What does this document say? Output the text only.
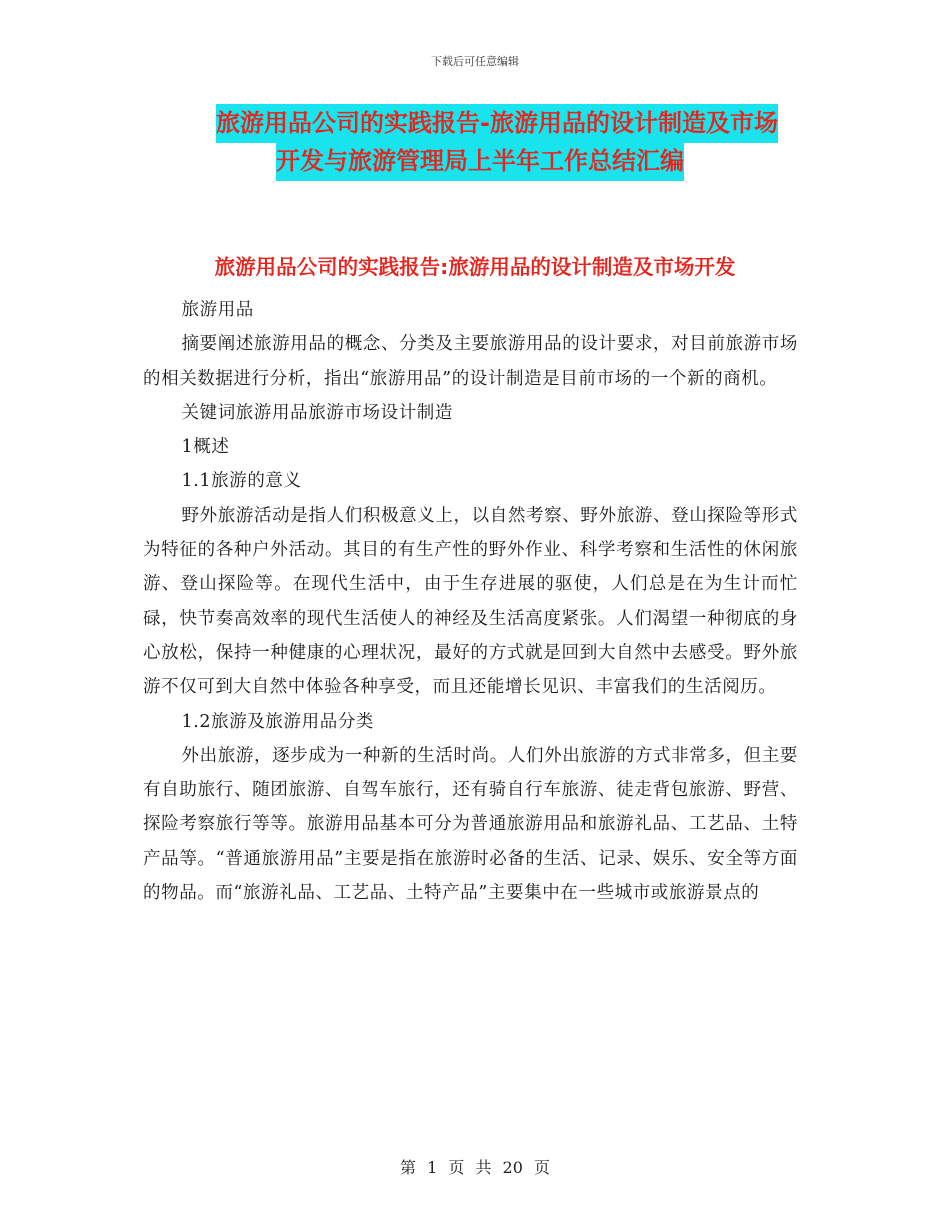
下载后可任意编辑
旅游用品公司的实践报告-旅游用品的设计制造及市场
开发与旅游管理局上半年工作总结汇编
旅游用品公司的实践报告:旅游用品的设计制造及市场开发

旅游用品

摘要阐述旅游用品的概念、分类及主要旅游用品的设计要求，对目前旅游市场的相关数据进行分析，指出“旅游用品”的设计制造是目前市场的一个新的商机。

关键词旅游用品旅游市场设计制造

1概述

1.1旅游的意义

野外旅游活动是指人们积极意义上，以自然考察、野外旅游、登山探险等形式为特征的各种户外活动。其目的有生产性的野外作业、科学考察和生活性的休闲旅游、登山探险等。在现代生活中，由于生存进展的驱使，人们总是在为生计而忙碌，快节奏高效率的现代生活使人的神经及生活高度紧张。人们渴望一种彻底的身心放松，保持一种健康的心理状况，最好的方式就是回到大自然中去感受。野外旅游不仅可到大自然中体验各种享受，而且还能增长见识、丰富我们的生活阅历。

1.2旅游及旅游用品分类

外出旅游，逐步成为一种新的生活时尚。人们外出旅游的方式非常多，但主要有自助旅行、随团旅游、自驾车旅行，还有骑自行车旅游、徒走背包旅游、野营、探险考察旅行等等。旅游用品基本可分为普通旅游用品和旅游礼品、工艺品、土特产品等。“普通旅游用品”主要是指在旅游时必备的生活、记录、娱乐、安全等方面的物品。而“旅游礼品、工艺品、土特产品”主要集中在一些城市或旅游景点的

第 1 页 共 20 页
